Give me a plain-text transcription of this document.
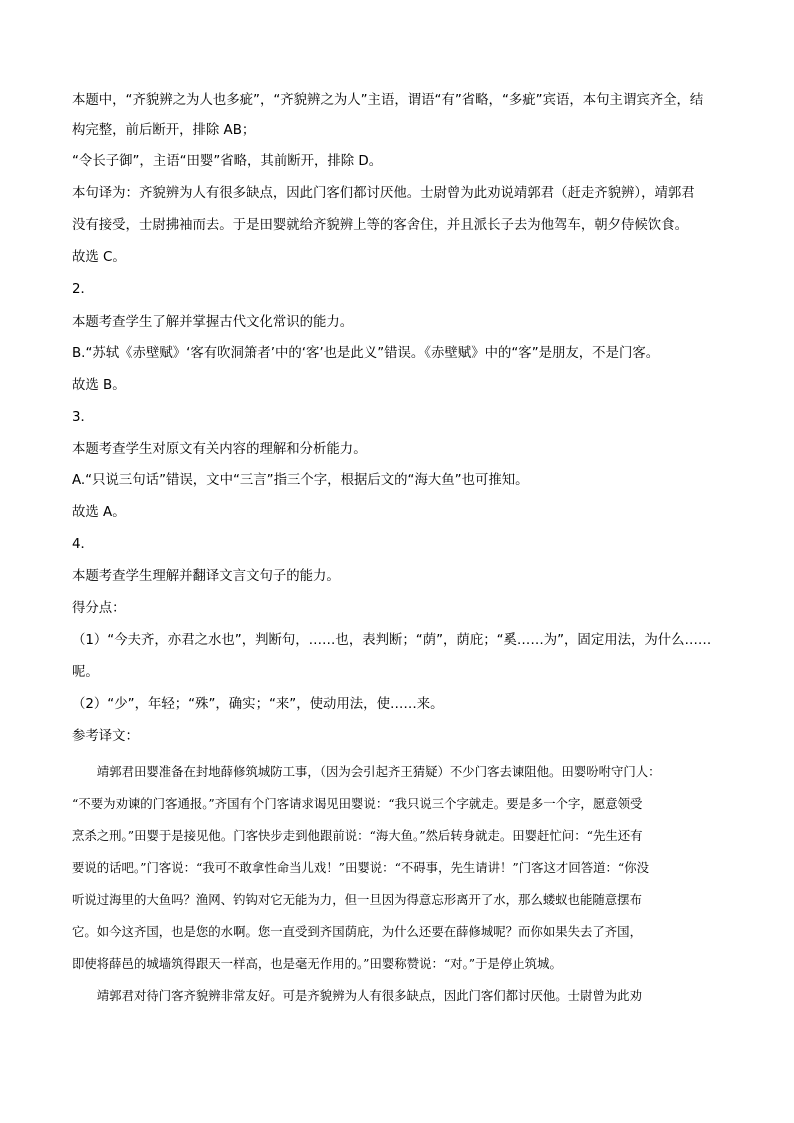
本题中，“齐貌辨之为人也多疵”，“齐貌辨之为人”主语，谓语“有”省略，“多疵”宾语，本句主谓宾齐全，结
构完整，前后断开，排除 AB；
“令长子御”，主语“田婴”省略，其前断开，排除 D。
本句译为：齐貌辨为人有很多缺点，因此门客们都讨厌他。士尉曾为此劝说靖郭君（赶走齐貌辨），靖郭君
没有接受，士尉拂袖而去。于是田婴就给齐貌辨上等的客舍住，并且派长子去为他驾车，朝夕侍候饮食。
故选 C。
2．
本题考查学生了解并掌握古代文化常识的能力。
B.“苏轼《赤壁赋》‘客有吹洞箫者’中的‘客’也是此义”错误。《赤壁赋》中的“客”是朋友，不是门客。
故选 B。
3．
本题考查学生对原文有关内容的理解和分析能力。
A.“只说三句话”错误，文中“三言”指三个字，根据后文的“海大鱼”也可推知。
故选 A。
4．
本题考查学生理解并翻译文言文句子的能力。
得分点：
（1）“今夫齐，亦君之水也”，判断句，……也，表判断；“荫”，荫庇；“奚……为”，固定用法，为什么……
呢。
（2）“少”，年轻；“殊”，确实；“来”，使动用法，使……来。
参考译文：
　　靖郭君田婴准备在封地薛修筑城防工事，（因为会引起齐王猜疑）不少门客去谏阻他。田婴吩咐守门人：
“不要为劝谏的门客通报。”齐国有个门客请求谒见田婴说：“我只说三个字就走。要是多一个字，愿意领受
烹杀之刑。”田婴于是接见他。门客快步走到他跟前说：“海大鱼。”然后转身就走。田婴赶忙问：“先生还有
要说的话吧。”门客说：“我可不敢拿性命当儿戏！”田婴说：“不碍事，先生请讲！”门客这才回答道：“你没
听说过海里的大鱼吗？渔网、钓钩对它无能为力，但一旦因为得意忘形离开了水，那么蝼蚁也能随意摆布
它。如今这齐国，也是您的水啊。您一直受到齐国荫庇，为什么还要在薛修城呢？而你如果失去了齐国，
即使将薛邑的城墙筑得跟天一样高，也是毫无作用的。”田婴称赞说：“对。”于是停止筑城。
　　靖郭君对待门客齐貌辨非常友好。可是齐貌辨为人有很多缺点，因此门客们都讨厌他。士尉曾为此劝
